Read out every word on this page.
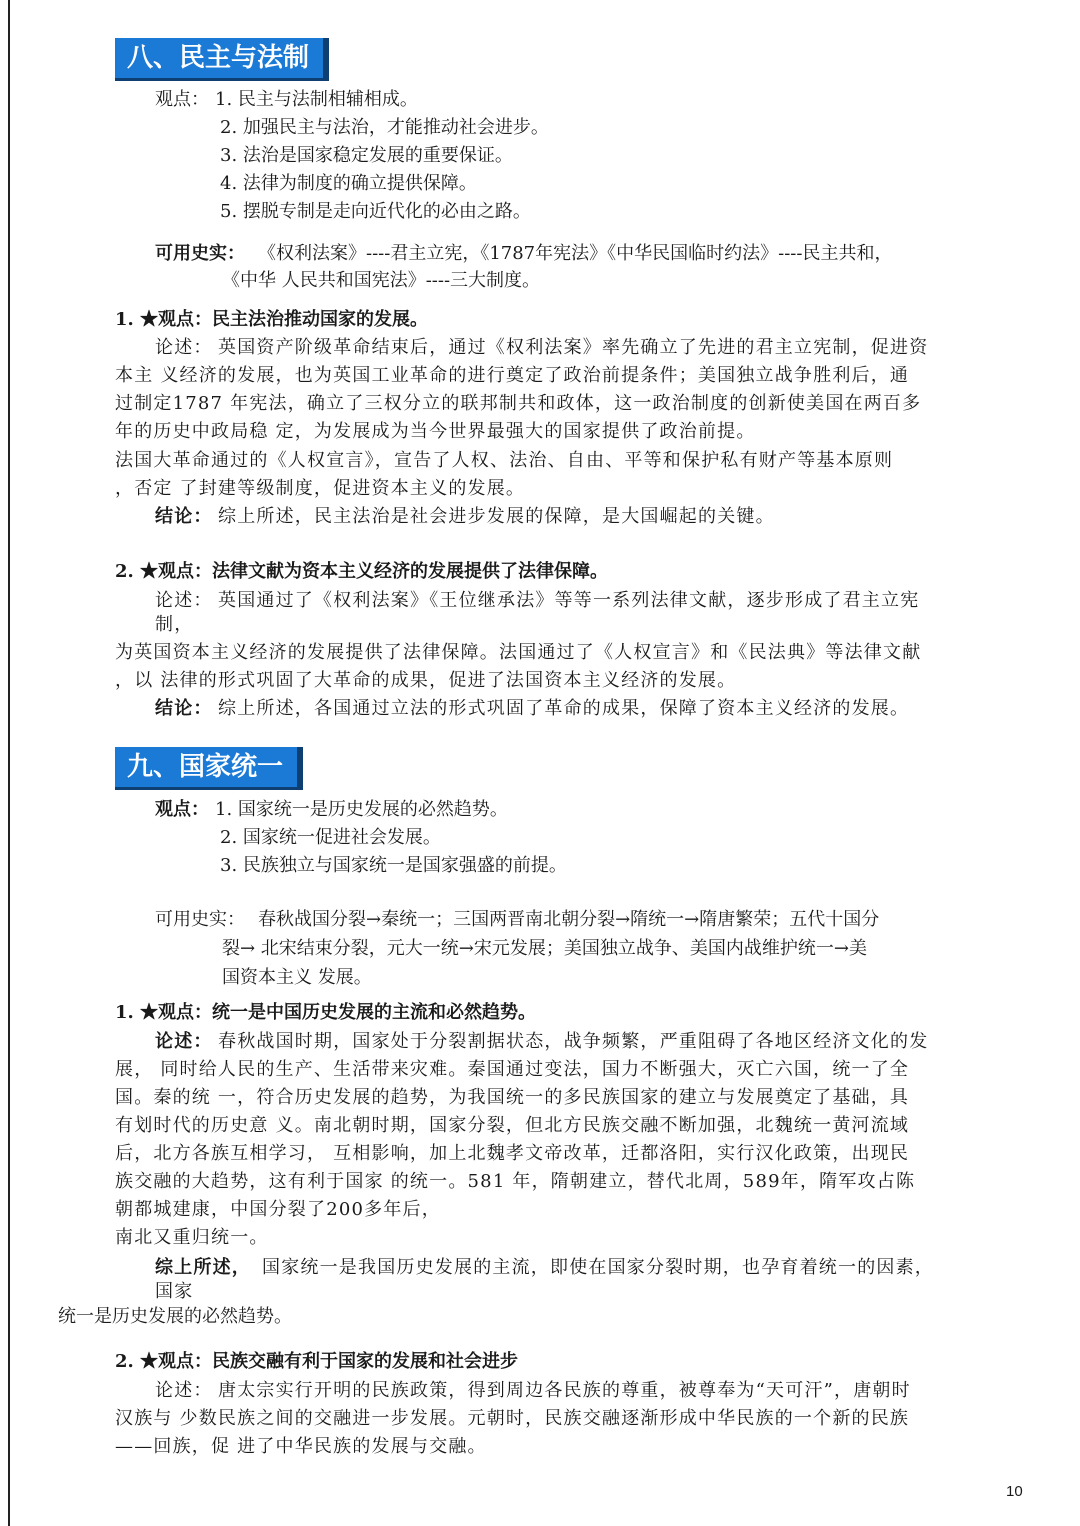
八、民主与法制
观点： 1. 民主与法制相辅相成。
2. 加强民主与法治，才能推动社会进步。
3. 法治是国家稳定发展的重要保证。
4. 法律为制度的确立提供保障。
5. 摆脱专制是走向近代化的必由之路。
可用史实： 《权利法案》----君主立宪，《1787年宪法》《中华民国临时约法》----民主共和，
《中华 人民共和国宪法》----三大制度。
1. ★观点：民主法治推动国家的发展。
论述： 英国资产阶级革命结束后，通过《权利法案》率先确立了先进的君主立宪制，促进资
本主 义经济的发展，也为英国工业革命的进行奠定了政治前提条件；美国独立战争胜利后，通
过制定1787 年宪法，确立了三权分立的联邦制共和政体，这一政治制度的创新使美国在两百多
年的历史中政局稳 定，为发展成为当今世界最强大的国家提供了政治前提。
法国大革命通过的《人权宣言》，宣告了人权、法治、自由、平等和保护私有财产等基本原则
，否定 了封建等级制度，促进资本主义的发展。
结论： 综上所述，民主法治是社会进步发展的保障，是大国崛起的关键。
2. ★观点：法律文献为资本主义经济的发展提供了法律保障。
论述： 英国通过了《权利法案》《王位继承法》等等一系列法律文献，逐步形成了君主立宪
制，
为英国资本主义经济的发展提供了法律保障。法国通过了《人权宣言》和《民法典》等法律文献
，以 法律的形式巩固了大革命的成果，促进了法国资本主义经济的发展。
结论： 综上所述，各国通过立法的形式巩固了革命的成果，保障了资本主义经济的发展。
九、国家统一
观点： 1. 国家统一是历史发展的必然趋势。
2. 国家统一促进社会发展。
3. 民族独立与国家统一是国家强盛的前提。
可用史实： 春秋战国分裂→秦统一；三国两晋南北朝分裂→隋统一→隋唐繁荣；五代十国分
裂→ 北宋结束分裂，元大一统→宋元发展；美国独立战争、美国内战维护统一→美
国资本主义 发展。
1. ★观点：统一是中国历史发展的主流和必然趋势。
论述： 春秋战国时期，国家处于分裂割据状态，战争频繁，严重阻碍了各地区经济文化的发
展， 同时给人民的生产、生活带来灾难。秦国通过变法，国力不断强大，灭亡六国，统一了全
国。秦的统 一，符合历史发展的趋势，为我国统一的多民族国家的建立与发展奠定了基础，具
有划时代的历史意 义。南北朝时期，国家分裂，但北方民族交融不断加强，北魏统一黄河流域
后，北方各族互相学习， 互相影响，加上北魏孝文帝改革，迁都洛阳，实行汉化政策，出现民
族交融的大趋势，这有利于国家 的统一。581 年，隋朝建立，替代北周，589年，隋军攻占陈
朝都城建康，中国分裂了200多年后，
南北又重归统一。
综上所述， 国家统一是我国历史发展的主流，即使在国家分裂时期，也孕育着统一的因素，
国家
统一是历史发展的必然趋势。
2. ★观点：民族交融有利于国家的发展和社会进步
论述： 唐太宗实行开明的民族政策，得到周边各民族的尊重，被尊奉为“天可汗”，唐朝时
汉族与 少数民族之间的交融进一步发展。元朝时，民族交融逐渐形成中华民族的一个新的民族
——回族，促 进了中华民族的发展与交融。
10
